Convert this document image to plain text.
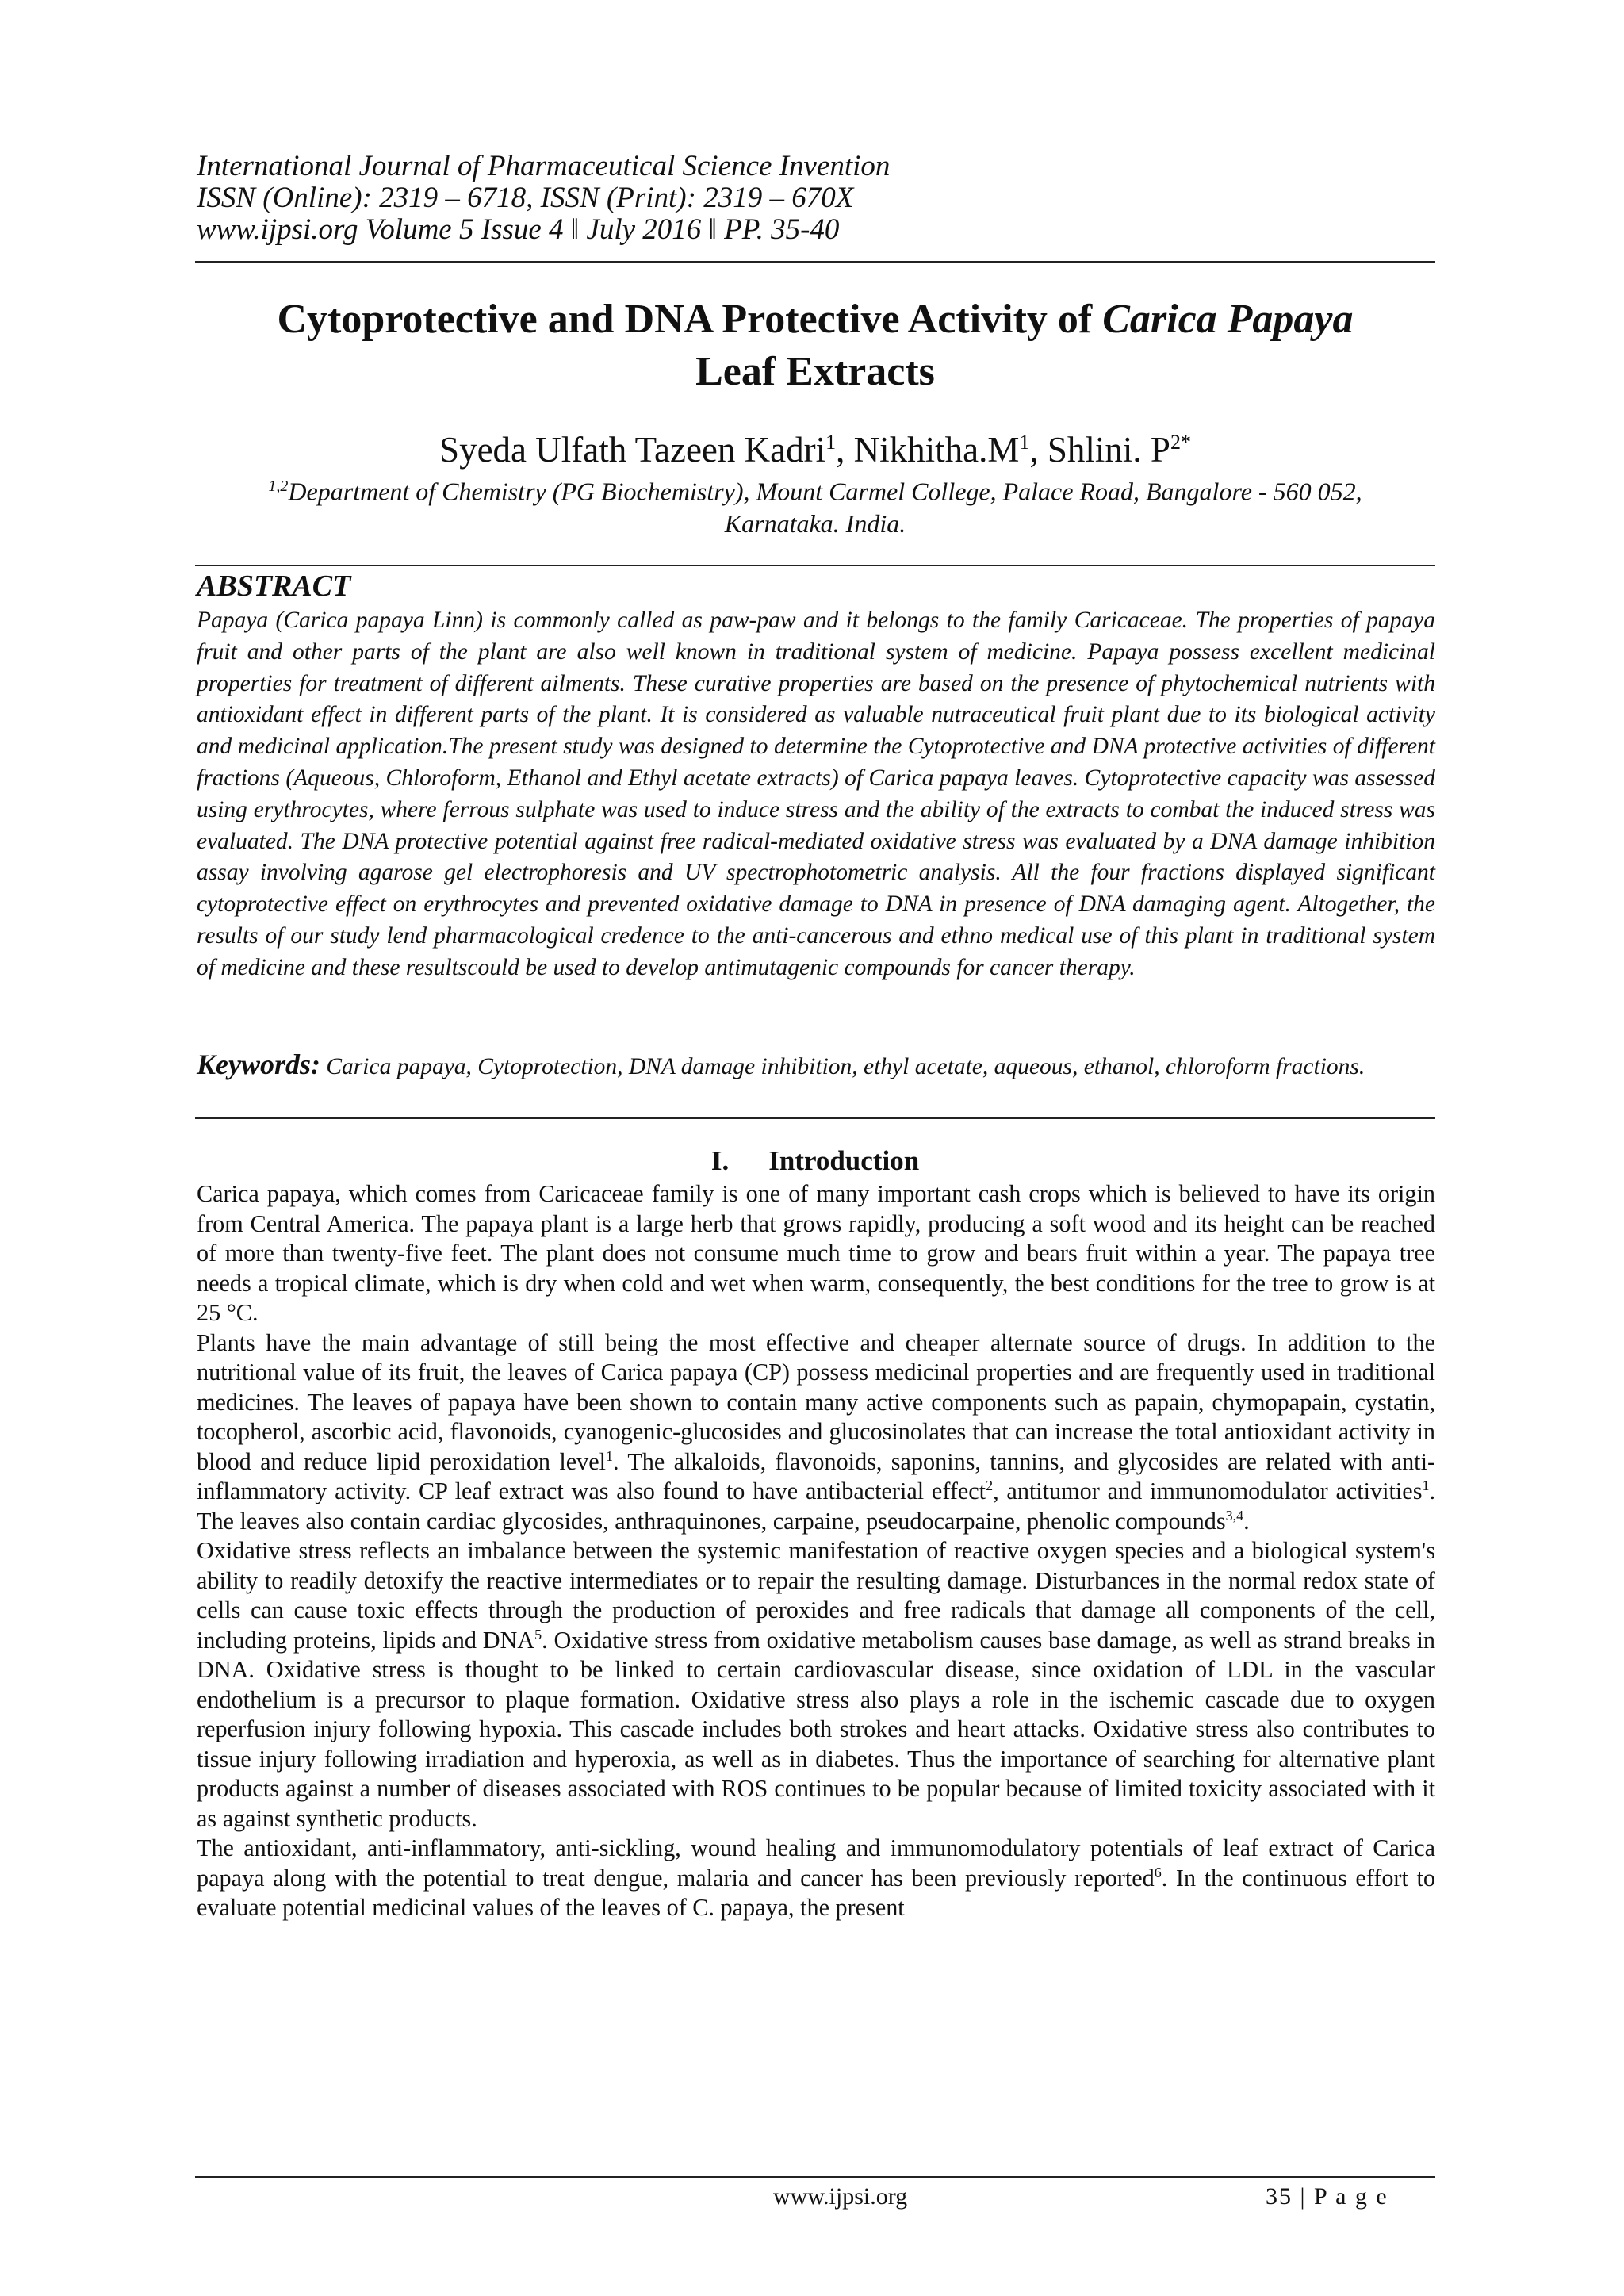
International Journal of Pharmaceutical Science Invention
ISSN (Online): 2319 – 6718, ISSN (Print): 2319 – 670X
www.ijpsi.org Volume 5 Issue 4 ǁ July 2016 ǁ PP. 35-40
Cytoprotective and DNA Protective Activity of Carica Papaya
Leaf Extracts
Syeda Ulfath Tazeen Kadri$^1$, $Nikhitha.M^1$, Shlini. $P^{2*}$
$^{1,2}$Department of Chemistry (PG Biochemistry), Mount Carmel College, Palace Road, Bangalore - 560 052,
Karnataka. India.
ABSTRACT
Papaya (Carica papaya Linn) is commonly called as paw-paw and it belongs to the family Caricaceae. The properties of papaya fruit and other parts of the plant are also well known in traditional system of medicine. Papaya possess excellent medicinal properties for treatment of different ailments. These curative properties are based on the presence of phytochemical nutrients with antioxidant effect in different parts of the plant. It is considered as valuable nutraceutical fruit plant due to its biological activity and medicinal application.The present study was designed to determine the Cytoprotective and DNA protective activities of different fractions (Aqueous, Chloroform, Ethanol and Ethyl acetate extracts) of Carica papaya leaves. Cytoprotective capacity was assessed using erythrocytes, where ferrous sulphate was used to induce stress and the ability of the extracts to combat the induced stress was evaluated. The DNA protective potential against free radical-mediated oxidative stress was evaluated by a DNA damage inhibition assay involving agarose gel electrophoresis and UV spectrophotometric analysis. All the four fractions displayed significant cytoprotective effect on erythrocytes and prevented oxidative damage to DNA in presence of DNA damaging agent. Altogether, the results of our study lend pharmacological credence to the anti-cancerous and ethno medical use of this plant in traditional system of medicine and these resultscould be used to develop antimutagenic compounds for cancer therapy.
Keywords: Carica papaya, Cytoprotection, DNA damage inhibition, ethyl acetate, aqueous, ethanol, chloroform fractions.
I. Introduction

Carica papaya, which comes from Caricaceae family is one of many important cash crops which is believed to have its origin from Central America. The papaya plant is a large herb that grows rapidly, producing a soft wood and its height can be reached of more than twenty-five feet. The plant does not consume much time to grow and bears fruit within a year. The papaya tree needs a tropical climate, which is dry when cold and wet when warm, consequently, the best conditions for the tree to grow is at 25 °C.

Plants have the main advantage of still being the most effective and cheaper alternate source of drugs. In addition to the nutritional value of its fruit, the leaves of Carica papaya (CP) possess medicinal properties and are frequently used in traditional medicines. The leaves of papaya have been shown to contain many active components such as papain, chymopapain, cystatin, tocopherol, ascorbic acid, flavonoids, cyanogenic-glucosides and glucosinolates that can increase the total antioxidant activity in blood and reduce lipid peroxidation level$^1$. The alkaloids, flavonoids, saponins, tannins, and glycosides are related with anti-inflammatory activity. CP leaf extract was also found to have antibacterial effect$^2$, antitumor and immunomodulator activities$^1$. The leaves also contain cardiac glycosides, anthraquinones, carpaine, pseudocarpaine, phenolic compounds$^{3,4}$.

Oxidative stress reflects an imbalance between the systemic manifestation of reactive oxygen species and a biological system's ability to readily detoxify the reactive intermediates or to repair the resulting damage. Disturbances in the normal redox state of cells can cause toxic effects through the production of peroxides and free radicals that damage all components of the cell, including proteins, lipids and DNA$^5$. Oxidative stress from oxidative metabolism causes base damage, as well as strand breaks in DNA. Oxidative stress is thought to be linked to certain cardiovascular disease, since oxidation of LDL in the vascular endothelium is a precursor to plaque formation. Oxidative stress also plays a role in the ischemic cascade due to oxygen reperfusion injury following hypoxia. This cascade includes both strokes and heart attacks. Oxidative stress also contributes to tissue injury following irradiation and hyperoxia, as well as in diabetes. Thus the importance of searching for alternative plant products against a number of diseases associated with ROS continues to be popular because of limited toxicity associated with it as against synthetic products.

The antioxidant, anti-inflammatory, anti-sickling, wound healing and immunomodulatory potentials of leaf extract of Carica papaya along with the potential to treat dengue, malaria and cancer has been previously reported$^6$. In the continuous effort to evaluate potential medicinal values of the leaves of C. papaya, the present

www.ijpsi.org	35 | P a g e
